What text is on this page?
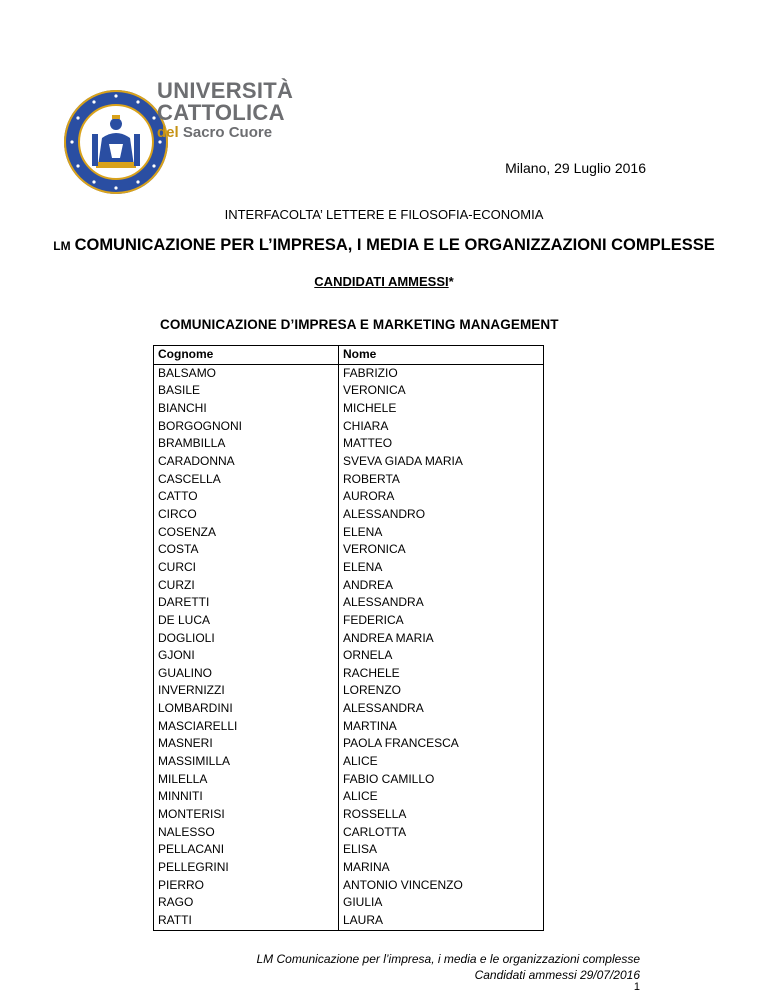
UNIVERSITÀ
CATTOLICA
del Sacro Cuore
Milano, 29 Luglio 2016
INTERFACOLTA’ LETTERE E FILOSOFIA-ECONOMIA
LM COMUNICAZIONE PER L’IMPRESA, I MEDIA E LE ORGANIZZAZIONI COMPLESSE
CANDIDATI AMMESSI*
COMUNICAZIONE D’IMPRESA E MARKETING MANAGEMENT
Cognome	Nome
BALSAMO	FABRIZIO
BASILE	VERONICA
BIANCHI	MICHELE
BORGOGNONI	CHIARA
BRAMBILLA	MATTEO
CARADONNA	SVEVA GIADA MARIA
CASCELLA	ROBERTA
CATTO	AURORA
CIRCO	ALESSANDRO
COSENZA	ELENA
COSTA	VERONICA
CURCI	ELENA
CURZI	ANDREA
DARETTI	ALESSANDRA
DE LUCA	FEDERICA
DOGLIOLI	ANDREA MARIA
GJONI	ORNELA
GUALINO	RACHELE
INVERNIZZI	LORENZO
LOMBARDINI	ALESSANDRA
MASCIARELLI	MARTINA
MASNERI	PAOLA FRANCESCA
MASSIMILLA	ALICE
MILELLA	FABIO CAMILLO
MINNITI	ALICE
MONTERISI	ROSSELLA
NALESSO	CARLOTTA
PELLACANI	ELISA
PELLEGRINI	MARINA
PIERRO	ANTONIO VINCENZO
RAGO	GIULIA
RATTI	LAURA
LM Comunicazione per l’impresa, i media e le organizzazioni complesse
Candidati ammessi 29/07/2016
1
